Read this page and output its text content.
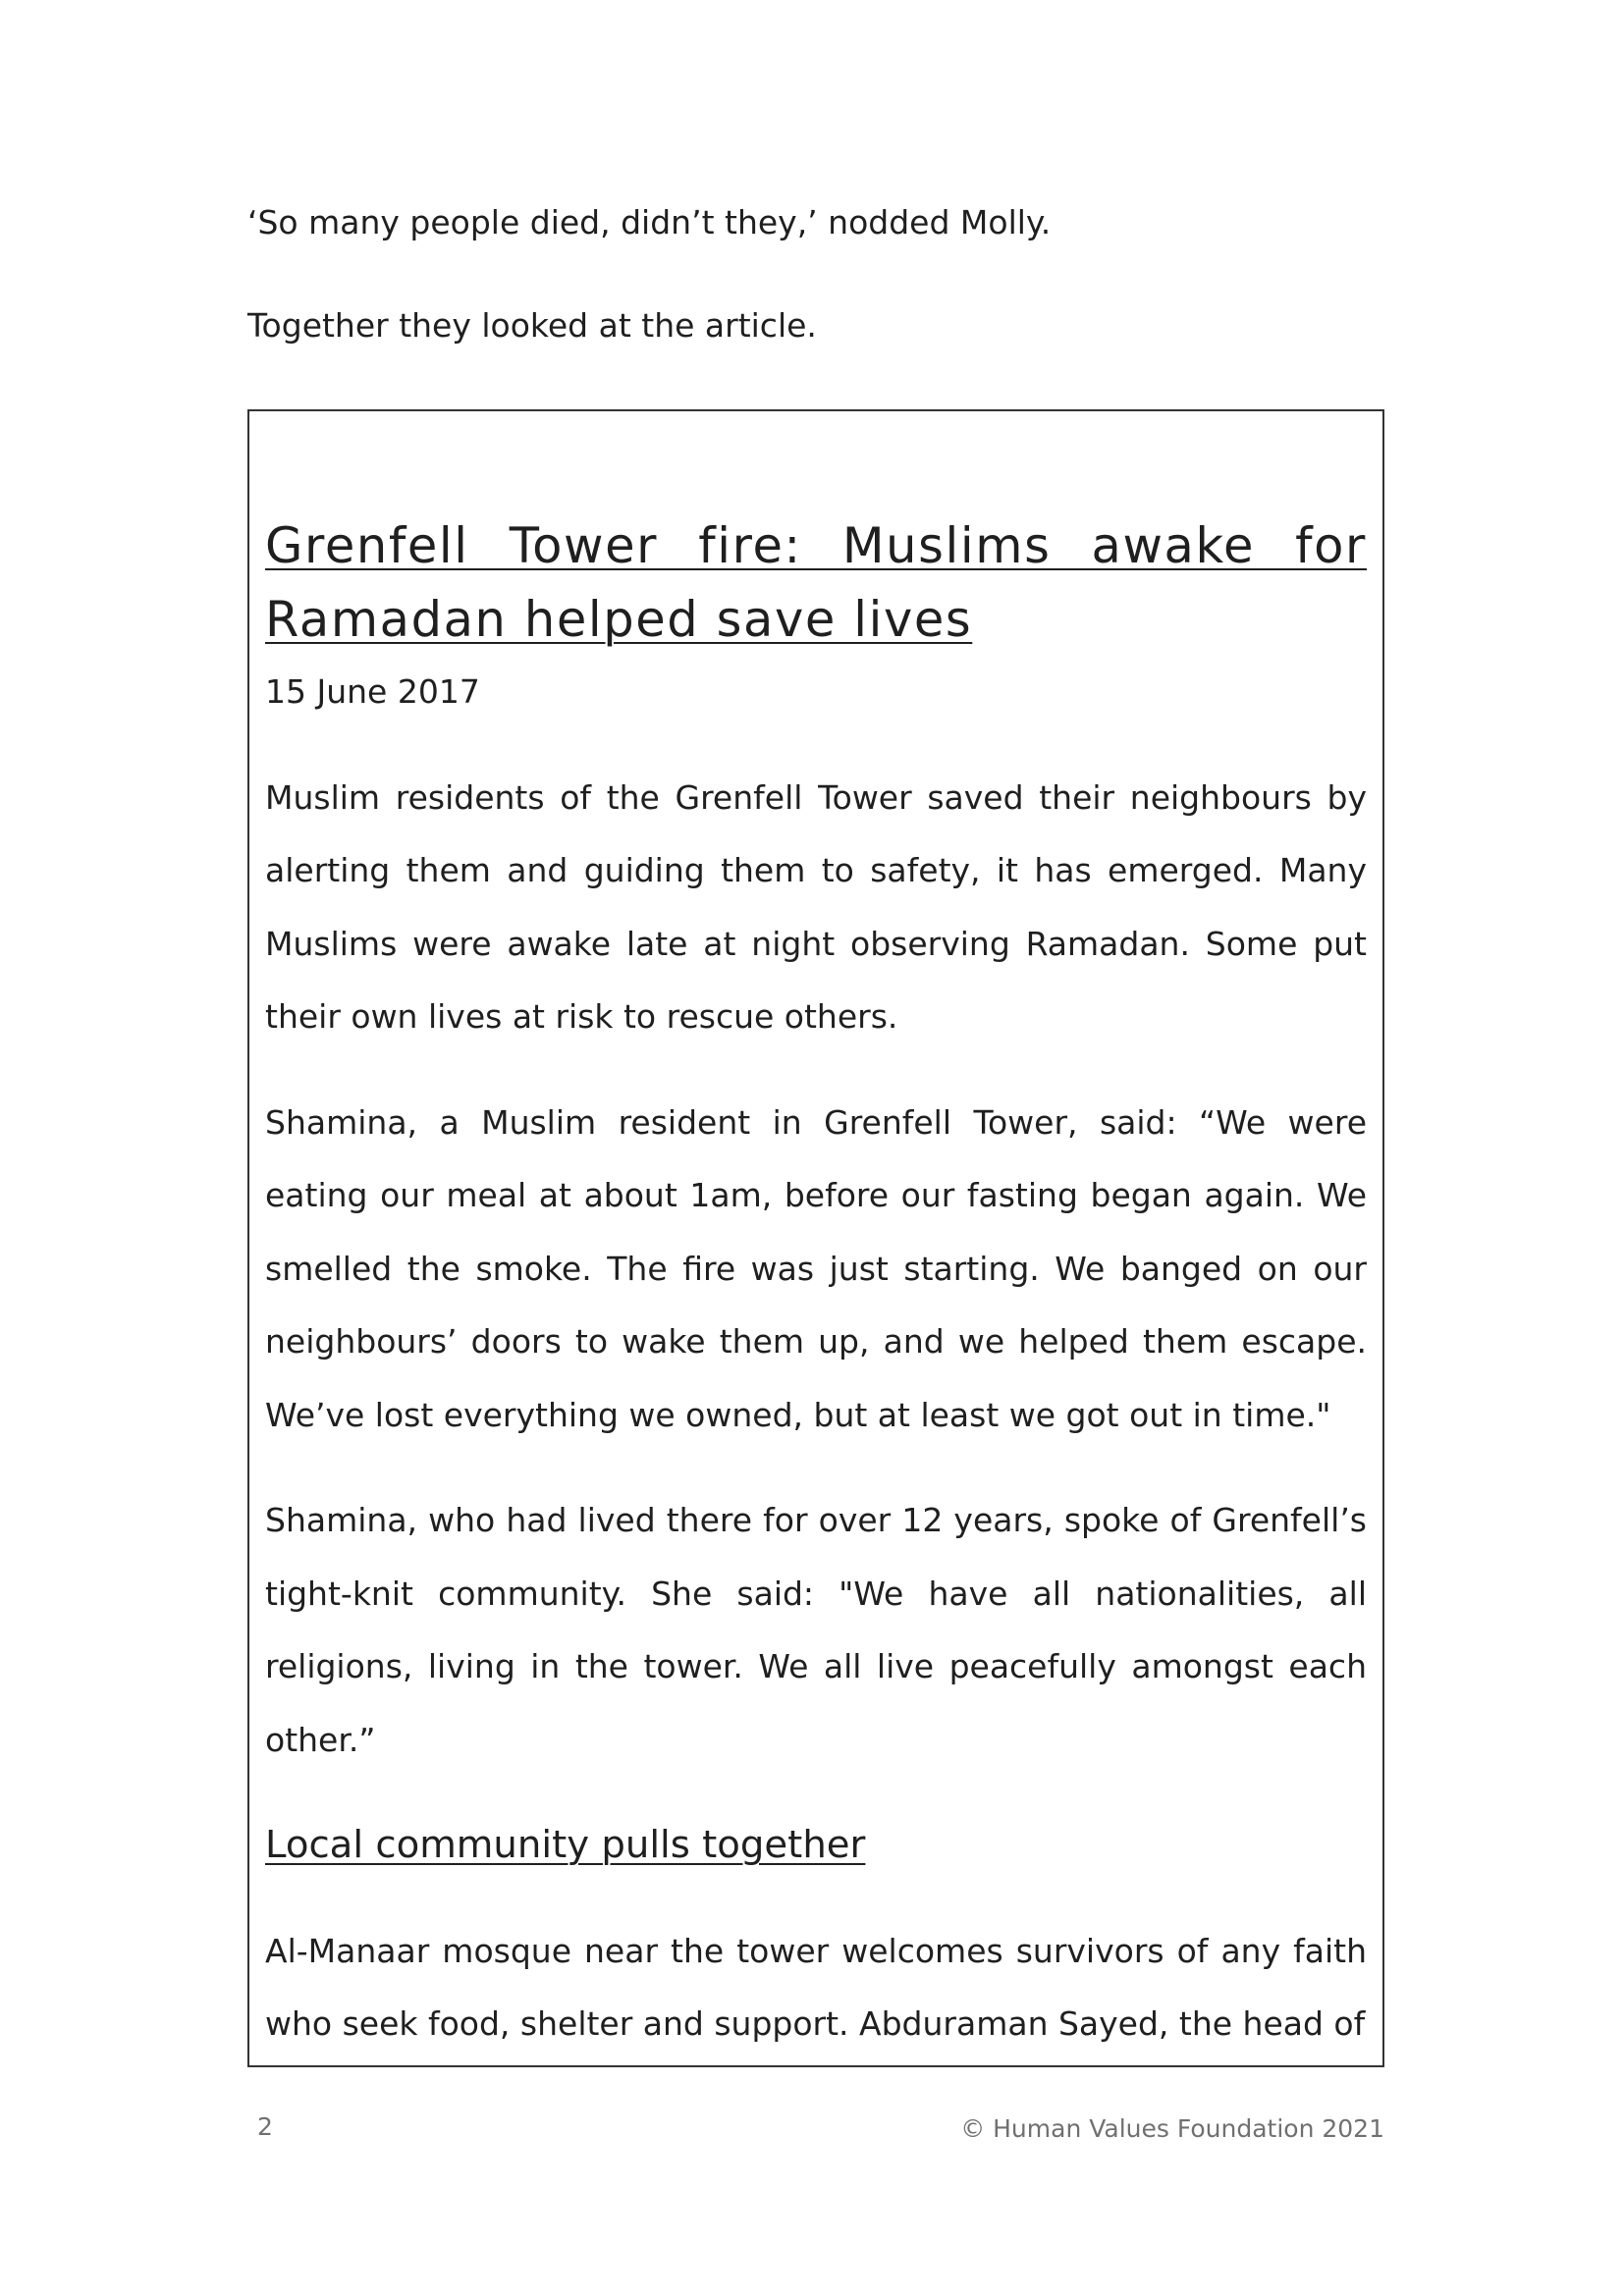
‘So many people died, didn’t they,’ nodded Molly.

Together they looked at the article.

Grenfell Tower fire: Muslims awake for Ramadan helped save lives

15 June 2017

Muslim residents of the Grenfell Tower saved their neighbours by alerting them and guiding them to safety, it has emerged. Many Muslims were awake late at night observing Ramadan. Some put their own lives at risk to rescue others.

Shamina, a Muslim resident in Grenfell Tower, said: “We were eating our meal at about 1am, before our fasting began again. We smelled the smoke. The fire was just starting. We banged on our neighbours’ doors to wake them up, and we helped them escape. We’ve lost everything we owned, but at least we got out in time."

Shamina, who had lived there for over 12 years, spoke of Grenfell’s tight-knit community. She said: "We have all nationalities, all religions, living in the tower. We all live peacefully amongst each other.”

Local community pulls together

Al-Manaar mosque near the tower welcomes survivors of any faith who seek food, shelter and support. Abduraman Sayed, the head of

2	© Human Values Foundation 2021
